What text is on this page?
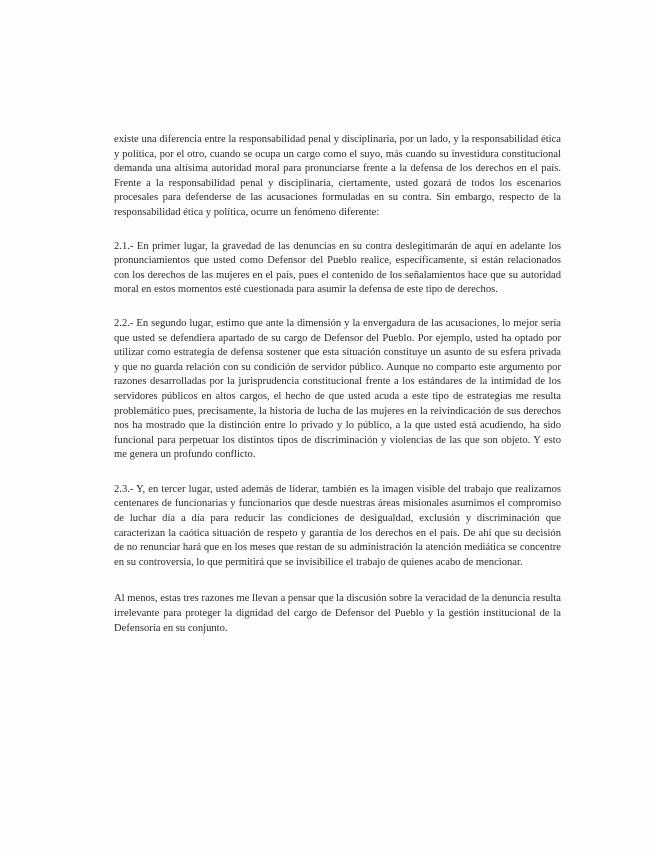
existe una diferencia entre la responsabilidad penal y disciplinaria, por un lado, y la responsabilidad ética y política, por el otro, cuando se ocupa un cargo como el suyo, más cuando su investidura constitucional demanda una altísima autoridad moral para pronunciarse frente a la defensa de los derechos en el país. Frente a la responsabilidad penal y disciplinaria, ciertamente, usted gozará de todos los escenarios procesales para defenderse de las acusaciones formuladas en su contra. Sin embargo, respecto de la responsabilidad ética y política, ocurre un fenómeno diferente:

2.1.- En primer lugar, la gravedad de las denuncias en su contra deslegitimarán de aquí en adelante los pronunciamientos que usted como Defensor del Pueblo realice, específicamente, si están relacionados con los derechos de las mujeres en el país, pues el contenido de los señalamientos hace que su autoridad moral en estos momentos esté cuestionada para asumir la defensa de este tipo de derechos.

2.2.- En segundo lugar, estimo que ante la dimensión y la envergadura de las acusaciones, lo mejor sería que usted se defendiera apartado de su cargo de Defensor del Pueblo. Por ejemplo, usted ha optado por utilizar como estrategia de defensa sostener que esta situación constituye un asunto de su esfera privada y que no guarda relación con su condición de servidor público. Aunque no comparto este argumento por razones desarrolladas por la jurisprudencia constitucional frente a los estándares de la intimidad de los servidores públicos en altos cargos, el hecho de que usted acuda a este tipo de estrategias me resulta problemático pues, precisamente, la historia de lucha de las mujeres en la reivindicación de sus derechos nos ha mostrado que la distinción entre lo privado y lo público, a la que usted está acudiendo, ha sido funcional para perpetuar los distintos tipos de discriminación y violencias de las que son objeto. Y esto me genera un profundo conflicto.

2.3.- Y, en tercer lugar, usted además de líderar, también es la imagen visible del trabajo que realizamos centenares de funcionarias y funcionarios que desde nuestras áreas misionales asumimos el compromiso de luchar día a día para reducir las condiciones de desigualdad, exclusión y discriminación que caracterizan la caótica situación de respeto y garantía de los derechos en el país. De ahí que su decisión de no renunciar hará que en los meses que restan de su administración la atención mediática se concentre en su controversia, lo que permitirá que se invisibilice el trabajo de quienes acabo de mencionar.

Al menos, estas tres razones me llevan a pensar que la discusión sobre la veracidad de la denuncia resulta irrelevante para proteger la dignidad del cargo de Defensor del Pueblo y la gestión institucional de la Defensoría en su conjunto.
